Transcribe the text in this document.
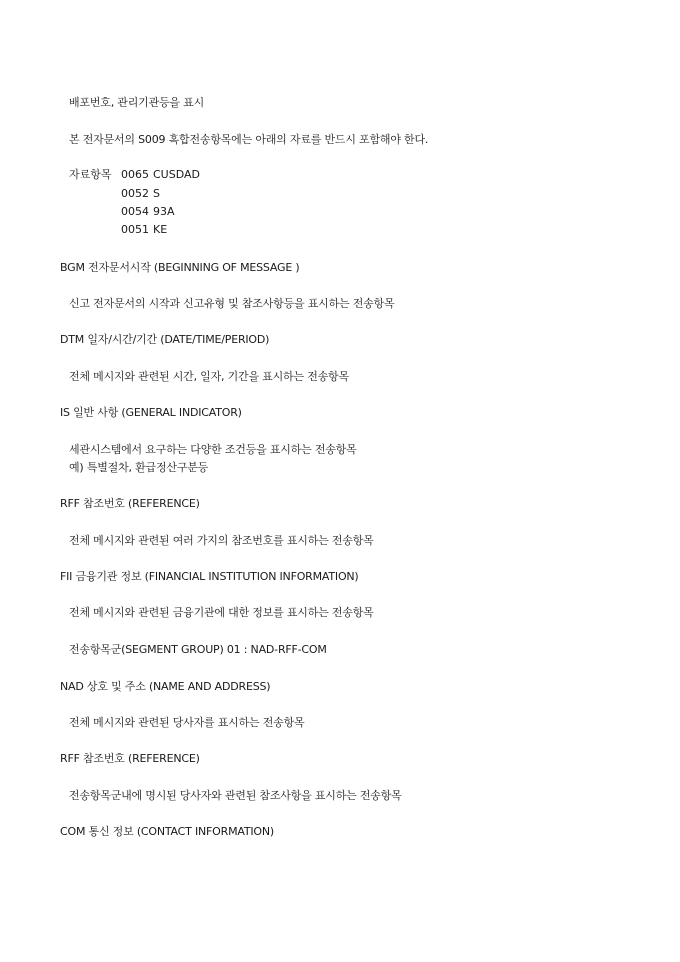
배포번호, 관리기관등을 표시
본 전자문서의 S009 혹합전송항목에는 아래의 자료를 반드시 포함해야 한다.
자료항목 0065 CUSDAD
0052 S
0054 93A
0051 KE
BGM 전자문서시작 (BEGINNING OF MESSAGE )
신고 전자문서의 시작과 신고유형 및 참조사항등을 표시하는 전송항목
DTM 일자/시간/기간 (DATE/TIME/PERIOD)
전체 메시지와 관련된 시간, 일자, 기간을 표시하는 전송항목
IS 일반 사항 (GENERAL INDICATOR)
세관시스템에서 요구하는 다양한 조건등을 표시하는 전송항목
예) 특별절차, 환급정산구분등
RFF 참조번호 (REFERENCE)
전체 메시지와 관련된 여러 가지의 참조번호를 표시하는 전송항목
FII 금융기관 정보 (FINANCIAL INSTITUTION INFORMATION)
전체 메시지와 관련된 금융기관에 대한 정보를 표시하는 전송항목
전송항목군(SEGMENT GROUP) 01 : NAD-RFF-COM
NAD 상호 및 주소 (NAME AND ADDRESS)
전체 메시지와 관련된 당사자를 표시하는 전송항목
RFF 참조번호 (REFERENCE)
전송항목군내에 명시된 당사자와 관련된 참조사항을 표시하는 전송항목
COM 통신 정보 (CONTACT INFORMATION)
